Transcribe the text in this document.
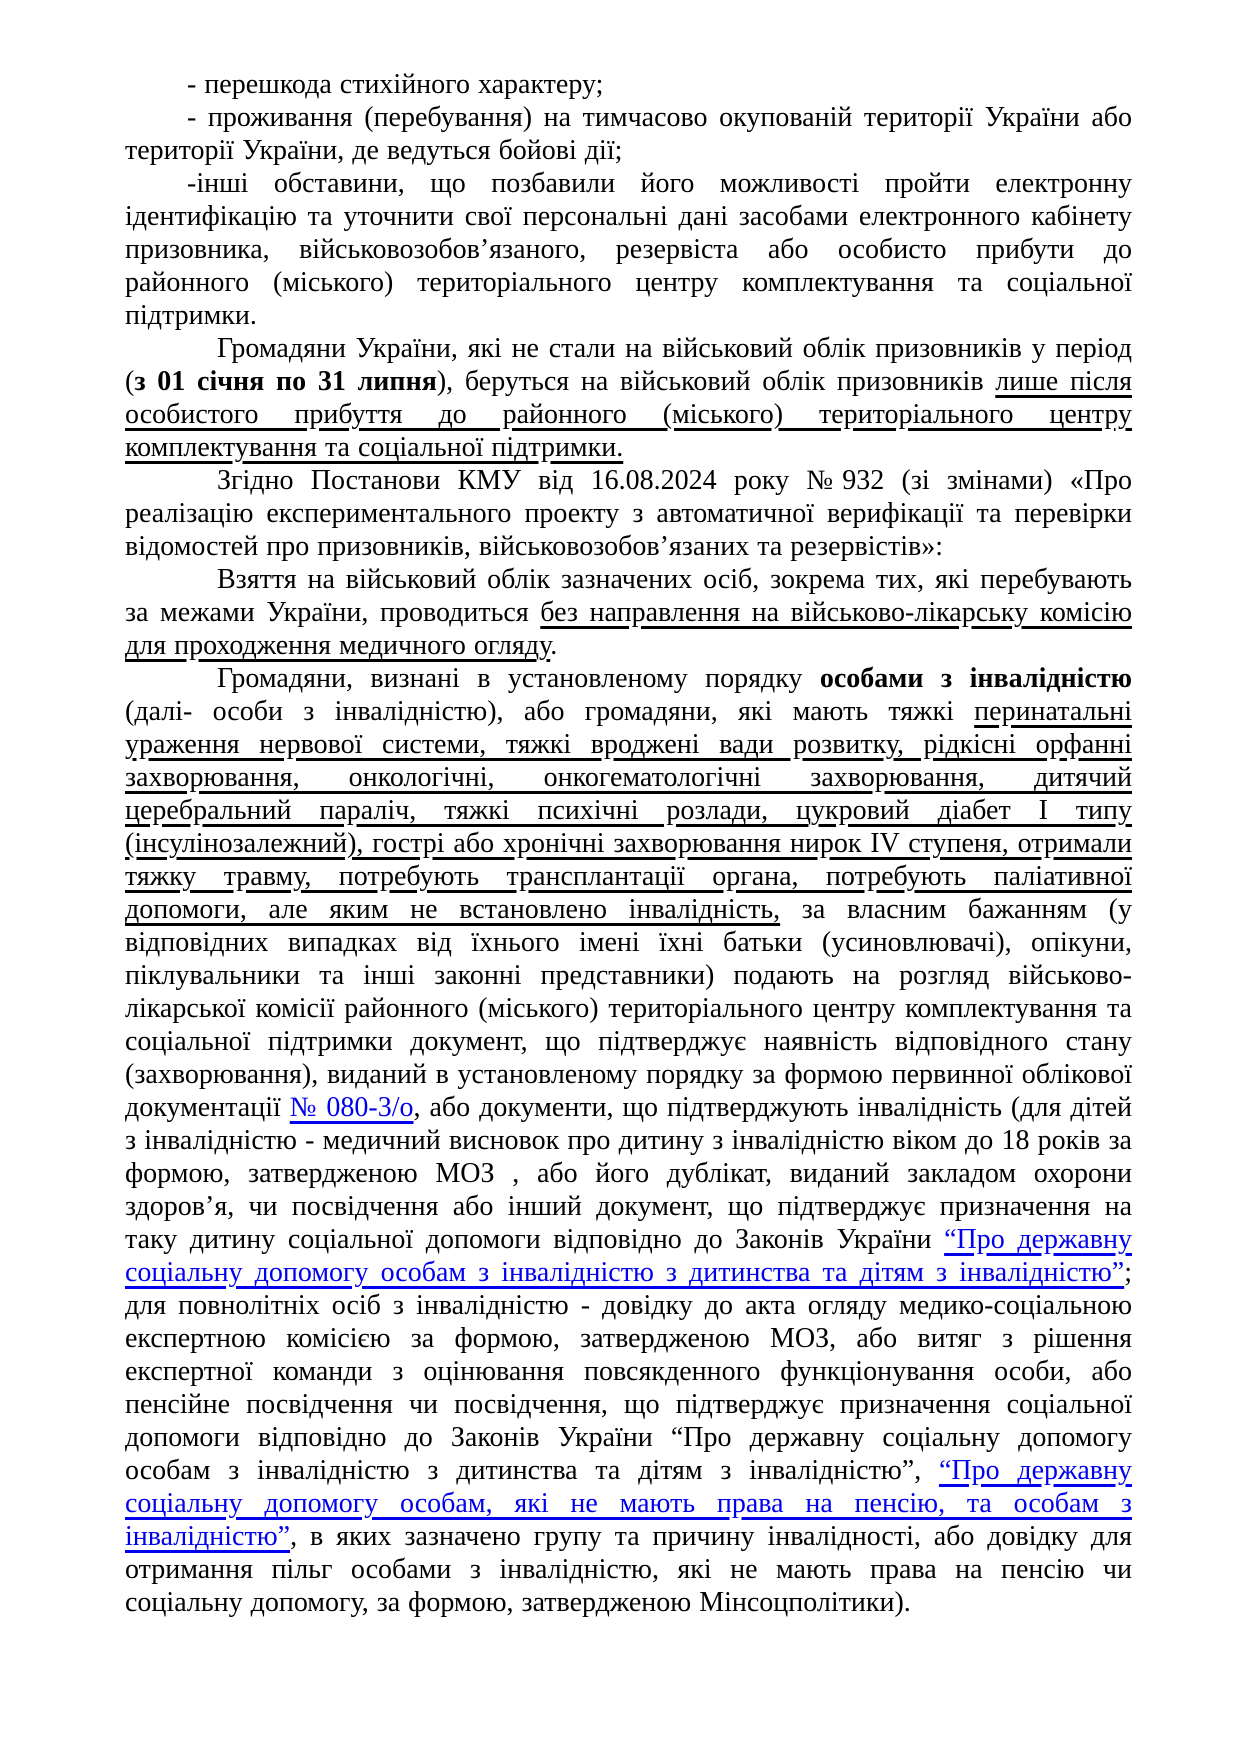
- перешкода стихійного характеру;

- проживання (перебування) на тимчасово окупованій території України або території України, де ведуться бойові дії;

-інші обставини, що позбавили його можливості пройти електронну ідентифікацію та уточнити свої персональні дані засобами електронного кабінету призовника, військовозобов’язаного, резервіста або особисто прибути до районного (міського) територіального центру комплектування та соціальної підтримки.

Громадяни України, які не стали на військовий облік призовників у період (з 01 січня по 31 липня), беруться на військовий облік призовників лише після особистого прибуття до районного (міського) територіального центру комплектування та соціальної підтримки.

Згідно Постанови КМУ від 16.08.2024 року №932 (зі змінами) «Про реалізацію експериментального проекту з автоматичної верифікації та перевірки відомостей про призовників, військовозобов’язаних та резервістів»:

Взяття на військовий облік зазначених осіб, зокрема тих, які перебувають за межами України, проводиться без направлення на військово-лікарську комісію для проходження медичного огляду.

Громадяни, визнані в установленому порядку особами з інвалідністю (далі- особи з інвалідністю), або громадяни, які мають тяжкі перинатальні ураження нервової системи, тяжкі вроджені вади розвитку, рідкісні орфанні захворювання, онкологічні, онкогематологічні захворювання, дитячий церебральний параліч, тяжкі психічні розлади, цукровий діабет І типу (інсулінозалежний), гострі або хронічні захворювання нирок IV ступеня, отримали тяжку травму, потребують трансплантації органа, потребують паліативної допомоги, але яким не встановлено інвалідність, за власним бажанням (у відповідних випадках від їхнього імені їхні батьки (усиновлювачі), опікуни, піклувальники та інші законні представники) подають на розгляд військово-лікарської комісії районного (міського) територіального центру комплектування та соціальної підтримки документ, що підтверджує наявність відповідного стану (захворювання), виданий в установленому порядку за формою первинної облікової документації № 080-3/о, або документи, що підтверджують інвалідність (для дітей з інвалідністю - медичний висновок про дитину з інвалідністю віком до 18 років за формою, затвердженою МОЗ , або його дублікат, виданий закладом охорони здоров’я, чи посвідчення або інший документ, що підтверджує призначення на таку дитину соціальної допомоги відповідно до Законів України “Про державну соціальну допомогу особам з інвалідністю з дитинства та дітям з інвалідністю”; для повнолітніх осіб з інвалідністю - довідку до акта огляду медико-соціальною експертною комісією за формою, затвердженою МОЗ, або витяг з рішення експертної команди з оцінювання повсякденного функціонування особи, або пенсійне посвідчення чи посвідчення, що підтверджує призначення соціальної допомоги відповідно до Законів України “Про державну соціальну допомогу особам з інвалідністю з дитинства та дітям з інвалідністю”, “Про державну соціальну допомогу особам, які не мають права на пенсію, та особам з інвалідністю”, в яких зазначено групу та причину інвалідності, або довідку для отримання пільг особами з інвалідністю, які не мають права на пенсію чи соціальну допомогу, за формою, затвердженою Мінсоцполітики).
